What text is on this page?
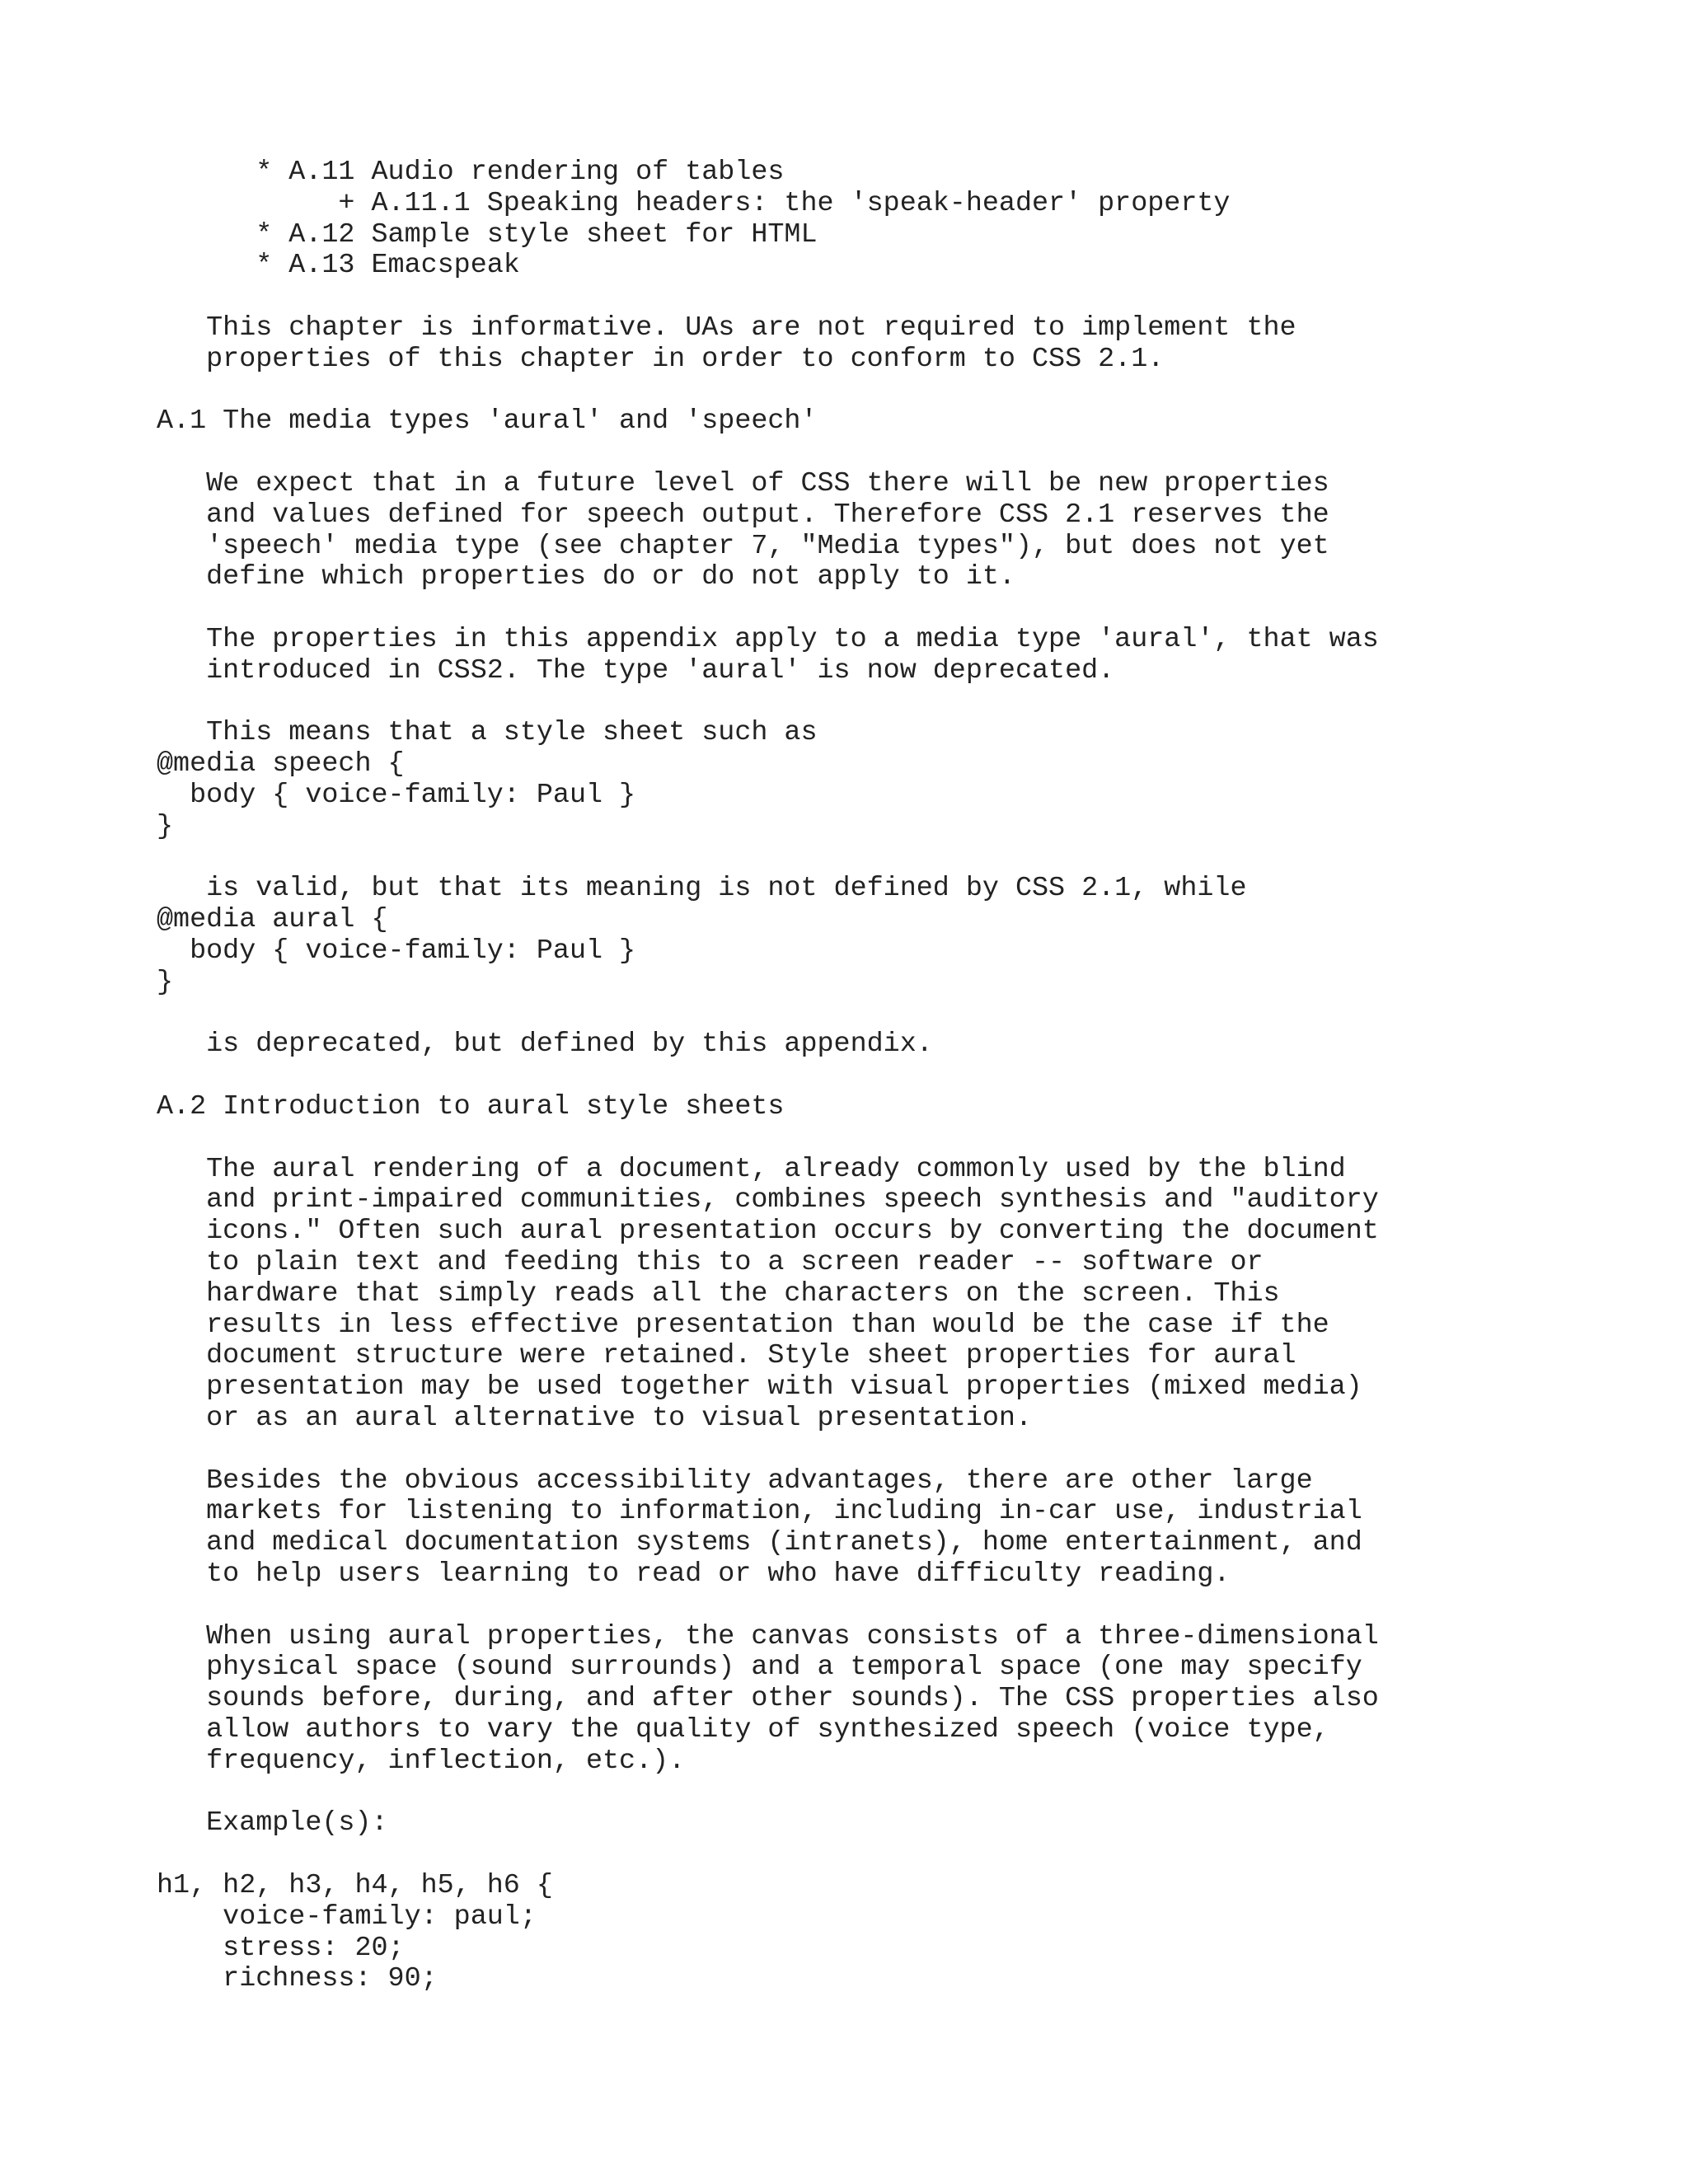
* A.11 Audio rendering of tables
+ A.11.1 Speaking headers: the 'speak-header' property
* A.12 Sample style sheet for HTML
* A.13 Emacspeak
This chapter is informative. UAs are not required to implement the
properties of this chapter in order to conform to CSS 2.1.
A.1 The media types 'aural' and 'speech'
We expect that in a future level of CSS there will be new properties
and values defined for speech output. Therefore CSS 2.1 reserves the
'speech' media type (see chapter 7, "Media types"), but does not yet
define which properties do or do not apply to it.
The properties in this appendix apply to a media type 'aural', that was
introduced in CSS2. The type 'aural' is now deprecated.
This means that a style sheet such as
@media speech {
body { voice-family: Paul }
}
is valid, but that its meaning is not defined by CSS 2.1, while
@media aural {
body { voice-family: Paul }
}
is deprecated, but defined by this appendix.
A.2 Introduction to aural style sheets
The aural rendering of a document, already commonly used by the blind
and print-impaired communities, combines speech synthesis and "auditory
icons." Often such aural presentation occurs by converting the document
to plain text and feeding this to a screen reader -- software or
hardware that simply reads all the characters on the screen. This
results in less effective presentation than would be the case if the
document structure were retained. Style sheet properties for aural
presentation may be used together with visual properties (mixed media)
or as an aural alternative to visual presentation.
Besides the obvious accessibility advantages, there are other large
markets for listening to information, including in-car use, industrial
and medical documentation systems (intranets), home entertainment, and
to help users learning to read or who have difficulty reading.
When using aural properties, the canvas consists of a three-dimensional
physical space (sound surrounds) and a temporal space (one may specify
sounds before, during, and after other sounds). The CSS properties also
allow authors to vary the quality of synthesized speech (voice type,
frequency, inflection, etc.).
Example(s):
h1, h2, h3, h4, h5, h6 {
voice-family: paul;
stress: 20;
richness: 90;
